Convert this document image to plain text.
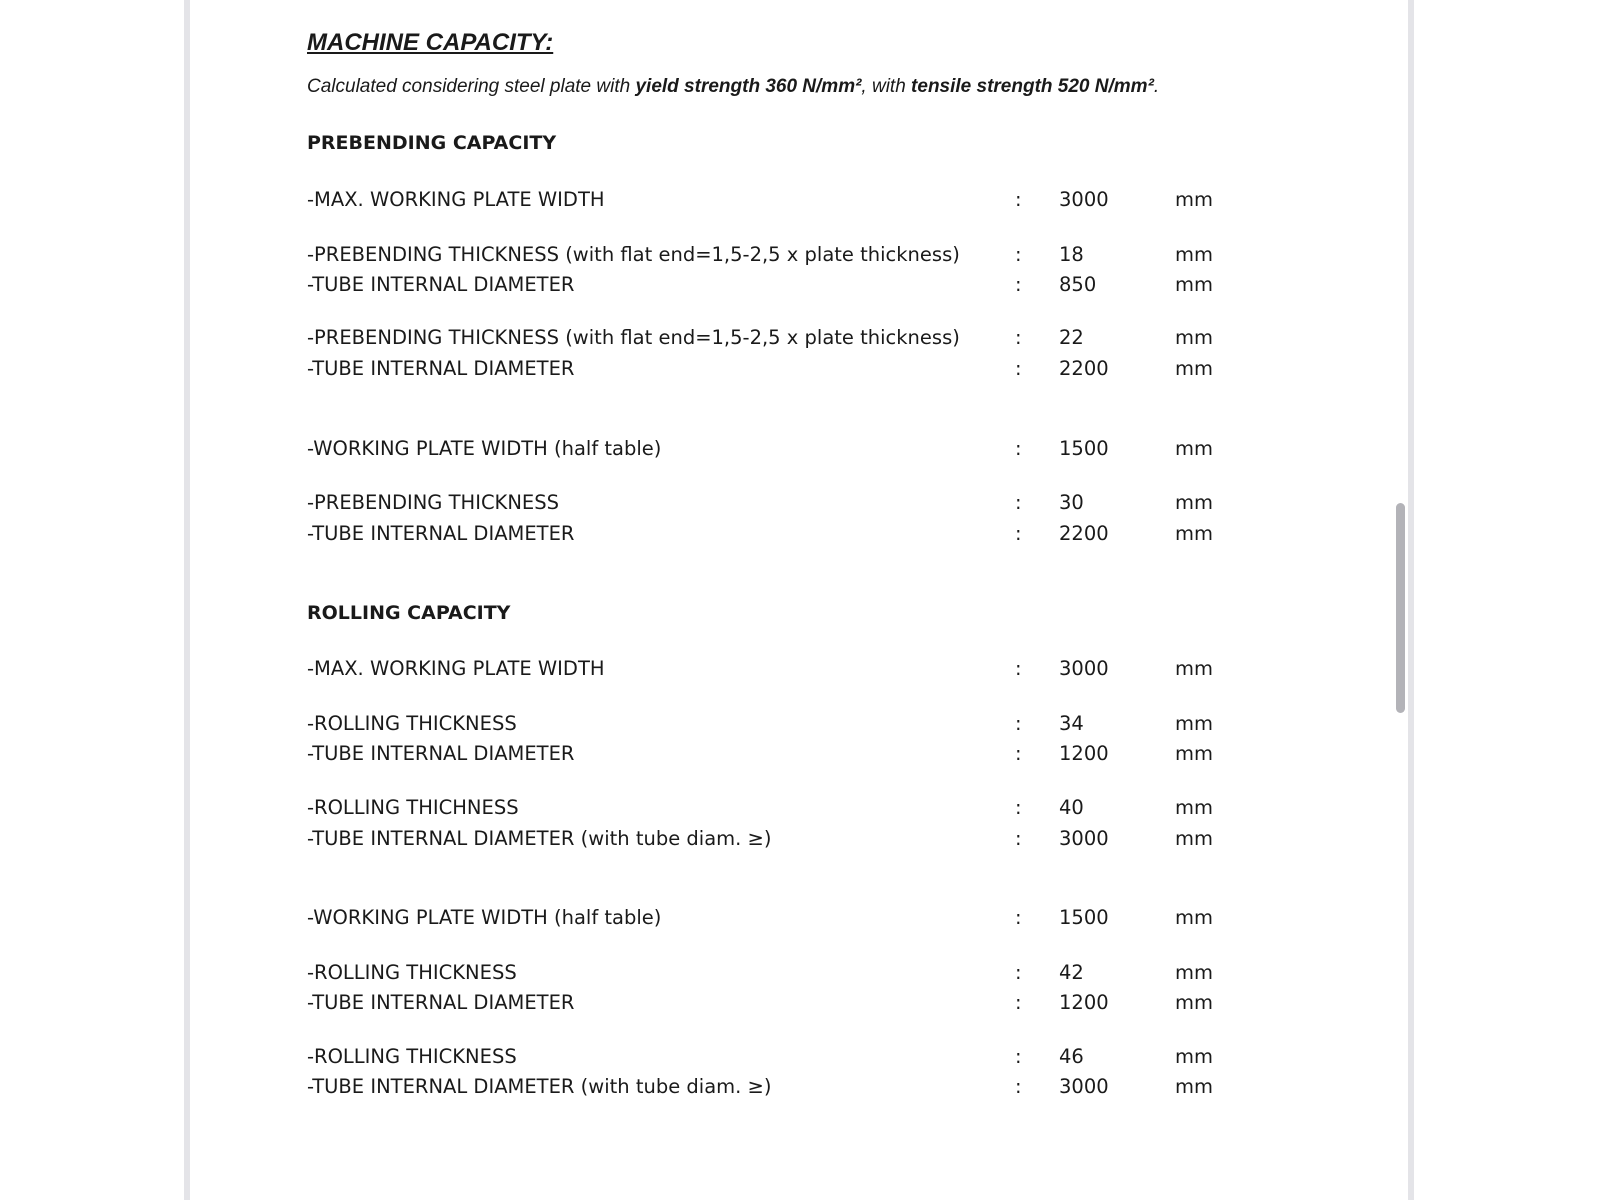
MACHINE CAPACITY:
Calculated considering steel plate with yield strength 360 N/mm², with tensile strength 520 N/mm².
PREBENDING CAPACITY
-MAX. WORKING PLATE WIDTH	: 3000	mm
-PREBENDING THICKNESS (with flat end=1,5-2,5 x plate thickness)	: 18	mm
-TUBE INTERNAL DIAMETER	: 850	mm
-PREBENDING THICKNESS (with flat end=1,5-2,5 x plate thickness)	: 22	mm
-TUBE INTERNAL DIAMETER	: 2200	mm
-WORKING PLATE WIDTH (half table)	: 1500	mm
-PREBENDING THICKNESS	: 30	mm
-TUBE INTERNAL DIAMETER	: 2200	mm
ROLLING CAPACITY
-MAX. WORKING PLATE WIDTH	: 3000	mm
-ROLLING THICKNESS	: 34	mm
-TUBE INTERNAL DIAMETER	: 1200	mm
-ROLLING THICHNESS	: 40	mm
-TUBE INTERNAL DIAMETER (with tube diam. ≥)	: 3000	mm
-WORKING PLATE WIDTH (half table)	: 1500	mm
-ROLLING THICKNESS	: 42	mm
-TUBE INTERNAL DIAMETER	: 1200	mm
-ROLLING THICKNESS	: 46	mm
-TUBE INTERNAL DIAMETER (with tube diam. ≥)	: 3000	mm
